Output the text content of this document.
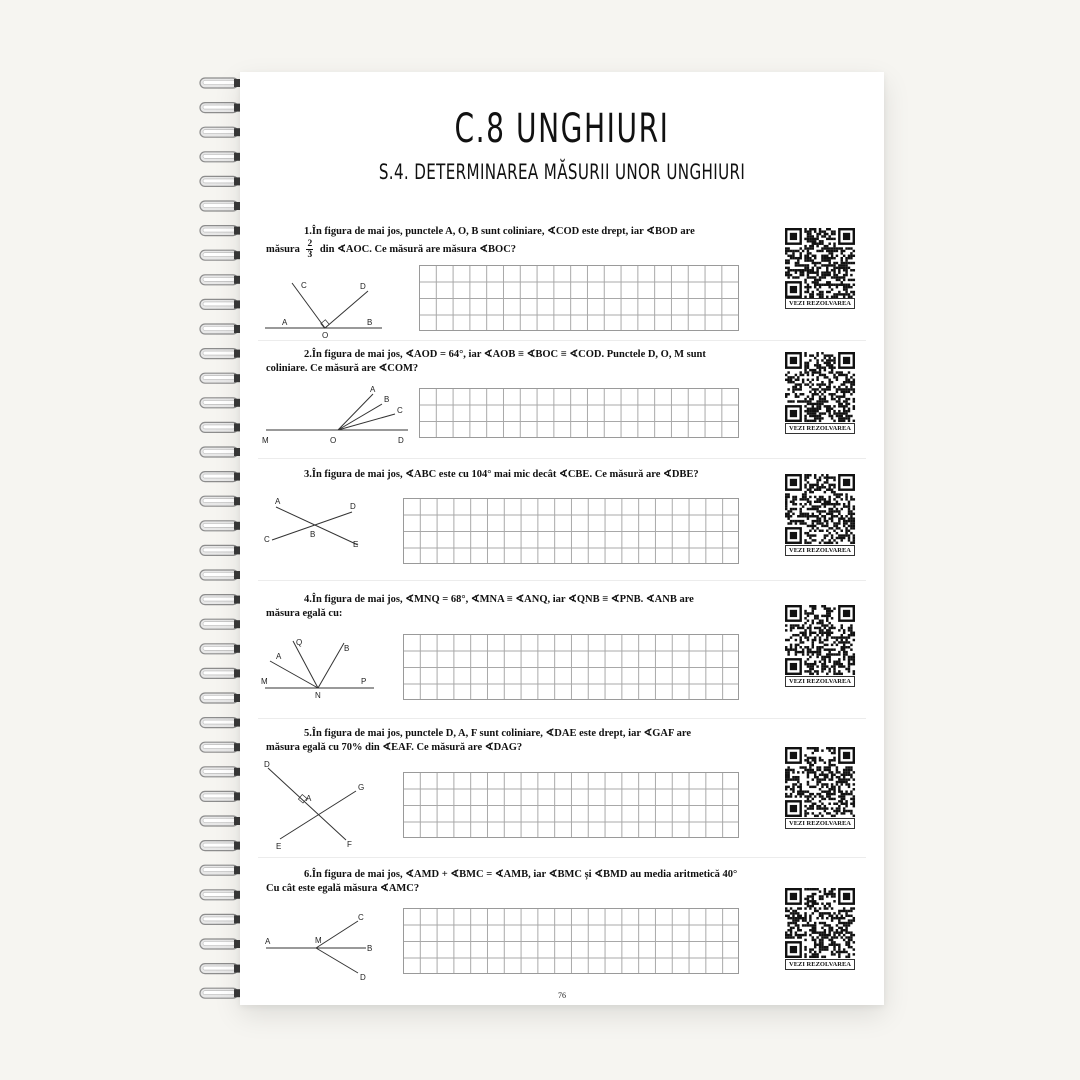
C.8 UNGHIURI
S.4. DETERMINAREA MĂSURII UNOR UNGHIURI
1.În figura de mai jos, punctele A, O, B sunt coliniare, ∢COD este drept, iar ∢BOD are
măsura $\frac{2}{3}$ din ∢AOC. Ce măsură are măsura ∢BOC?
A
O
B
C	D
VEZI REZOLVAREA
2.În figura de mai jos, ∢AOD = 64°, iar ∢AOB ≡ ∢BOC ≡ ∢COD. Punctele D, O, M sunt
coliniare. Ce măsură are ∢COM?
M	O	D
A
B
C
VEZI REZOLVAREA
3.În figura de mai jos, ∢ABC este cu 104° mai mic decât ∢CBE. Ce măsură are ∢DBE?
A
D
B
C
E
VEZI REZOLVAREA
4.În figura de mai jos, ∢MNQ = 68°, ∢MNA ≡ ∢ANQ, iar ∢QNB ≡ ∢PNB. ∢ANB are
măsura egală cu:
M
N
P
A
Q
B
VEZI REZOLVAREA
5.În figura de mai jos, punctele D, A, F sunt coliniare, ∢DAE este drept, iar ∢GAF are
măsura egală cu 70% din ∢EAF. Ce măsură are ∢DAG?
D
A
G
E	F
VEZI REZOLVAREA
6.În figura de mai jos, ∢AMD + ∢BMC = ∢AMB, iar ∢BMC și ∢BMD au media aritmetică 40°
Cu cât este egală măsura ∢AMC?
A	M
B
C
D
VEZI REZOLVAREA
76
